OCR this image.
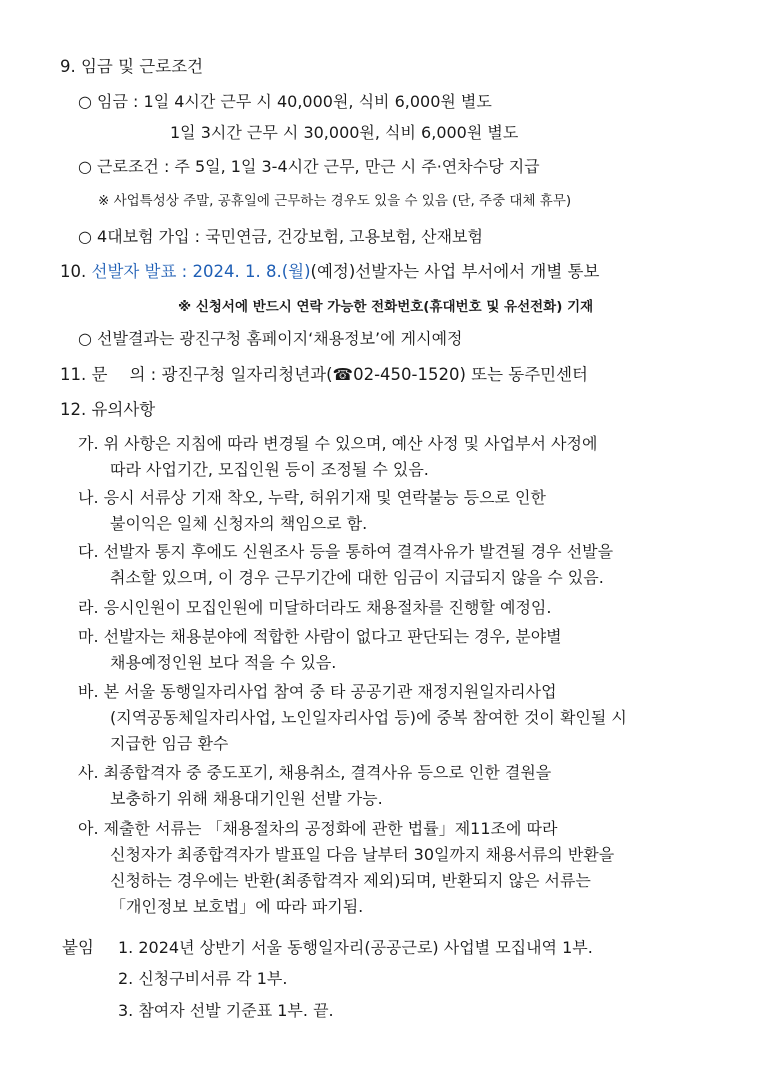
9. 임금 및 근로조건
○ 임금 : 1일 4시간 근무 시 40,000원, 식비 6,000원 별도
1일 3시간 근무 시 30,000원, 식비 6,000원 별도
○ 근로조건 : 주 5일, 1일 3-4시간 근무, 만근 시 주·연차수당 지급
※ 사업특성상 주말, 공휴일에 근무하는 경우도 있을 수 있음 (단, 주중 대체 휴무)
○ 4대보험 가입 : 국민연금, 건강보험, 고용보험, 산재보험
10. 선발자 발표 : 2024. 1. 8.(월)(예정)선발자는 사업 부서에서 개별 통보
※ 신청서에 반드시 연락 가능한 전화번호(휴대번호 및 유선전화) 기재
○ 선발결과는 광진구청 홈페이지‘채용정보’에 게시예정
11. 문 의 : 광진구청 일자리청년과(☎02-450-1520) 또는 동주민센터
12. 유의사항
가. 위 사항은 지침에 따라 변경될 수 있으며, 예산 사정 및 사업부서 사정에
따라 사업기간, 모집인원 등이 조정될 수 있음.
나. 응시 서류상 기재 착오, 누락, 허위기재 및 연락불능 등으로 인한
불이익은 일체 신청자의 책임으로 함.
다. 선발자 통지 후에도 신원조사 등을 통하여 결격사유가 발견될 경우 선발을
취소할 있으며, 이 경우 근무기간에 대한 임금이 지급되지 않을 수 있음.
라. 응시인원이 모집인원에 미달하더라도 채용절차를 진행할 예정임.
마. 선발자는 채용분야에 적합한 사람이 없다고 판단되는 경우, 분야별
채용예정인원 보다 적을 수 있음.
바. 본 서울 동행일자리사업 참여 중 타 공공기관 재정지원일자리사업
(지역공동체일자리사업, 노인일자리사업 등)에 중복 참여한 것이 확인될 시
지급한 임금 환수
사. 최종합격자 중 중도포기, 채용취소, 결격사유 등으로 인한 결원을
보충하기 위해 채용대기인원 선발 가능.
아. 제출한 서류는 「채용절차의 공정화에 관한 법률」제11조에 따라
신청자가 최종합격자가 발표일 다음 날부터 30일까지 채용서류의 반환을
신청하는 경우에는 반환(최종합격자 제외)되며, 반환되지 않은 서류는
「개인정보 보호법」에 따라 파기됨.
붙임 1. 2024년 상반기 서울 동행일자리(공공근로) 사업별 모집내역 1부.
2. 신청구비서류 각 1부.
3. 참여자 선발 기준표 1부. 끝.
